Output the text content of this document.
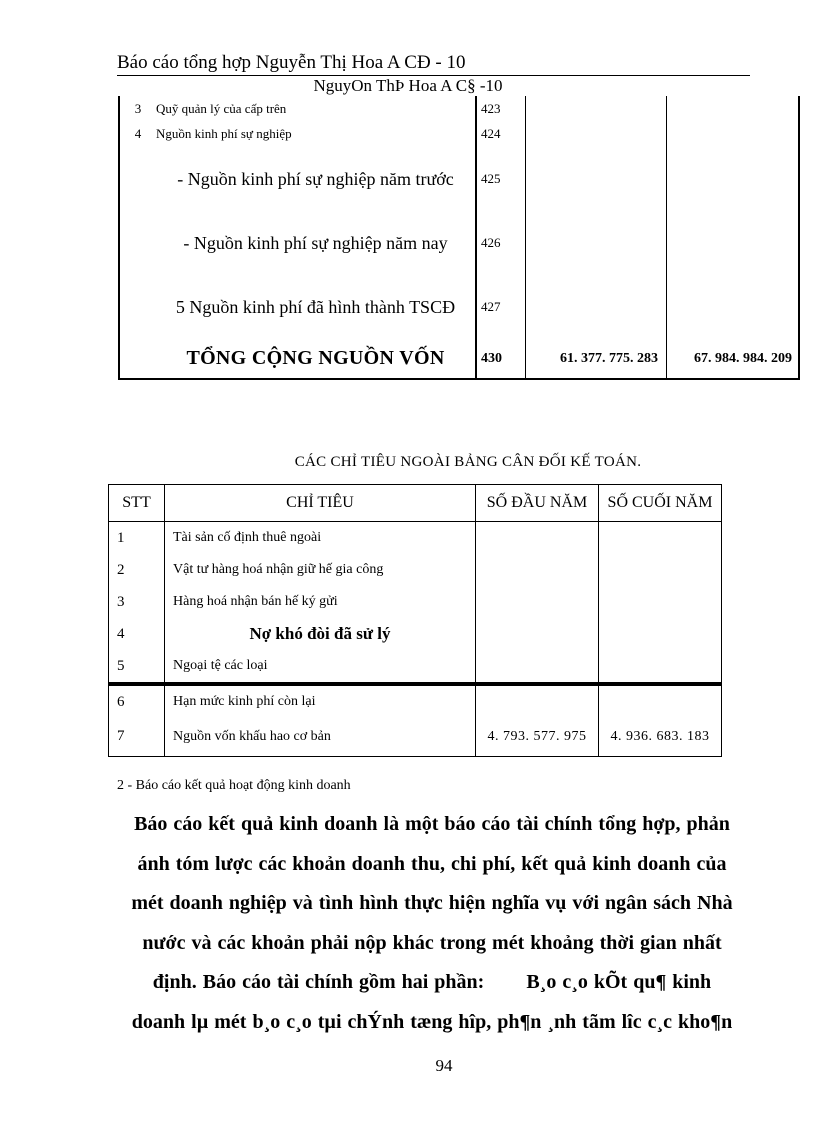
Báo cáo tổng hợp Nguyễn Thị Hoa A CĐ - 10
NguyOn ThÞ Hoa A C§ -10
3	Quỹ quản lý của cấp trên	423		
4	Nguồn kinh phí sự nghiệp	424		
	- Nguồn kinh phí sự nghiệp năm trước	425		
	- Nguồn kinh phí sự nghiệp năm nay	426		
	5 Nguồn kinh phí đã hình thành TSCĐ	427		
	TỔNG CỘNG NGUỒN VỐN	430	61. 377. 775. 283	67. 984. 984. 209
CÁC CHỈ TIÊU NGOÀI BẢNG CÂN ĐỐI KẾ TOÁN.
STT	CHỈ TIÊU	SỐ ĐẦU NĂM	SỐ CUỐI NĂM
1	Tài sản cố định thuê ngoài		
2	Vật tư hàng hoá nhận giữ hế gia công		
3	Hàng hoá nhận bán hế ký gửi		
4	Nợ khó đòi đã sử lý		
5	Ngoại tệ các loại		
6	Hạn mức kinh phí còn lại		
7	Nguồn vốn khấu hao cơ bản	4. 793. 577. 975	4. 936. 683. 183
2 - Báo cáo kết quả hoạt động kinh doanh

Báo cáo kết quả kinh doanh là một báo cáo tài chính tổng hợp, phản

ánh tóm lược các khoản doanh thu, chi phí, kết quả kinh doanh của

mét doanh nghiệp và tình hình thực hiện nghĩa vụ với ngân sách Nhà

nước và các khoản phải nộp khác trong mét khoảng thời gian nhất

định. Báo cáo tài chính gồm hai phần:       B¸o c¸o kÕt qu¶ kinh

doanh lµ mét b¸o c¸o tµi chÝnh tæng hîp, ph¶n ¸nh tãm lîc c¸c kho¶n

94
